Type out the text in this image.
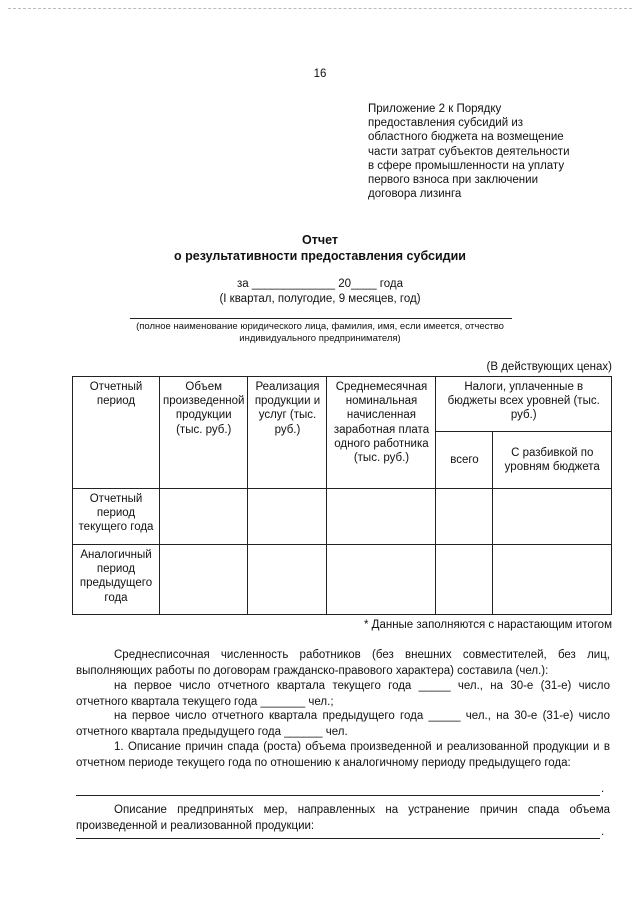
16
Приложение 2 к Порядку
предоставления субсидий из
областного бюджета на возмещение
части затрат субъектов деятельности
в сфере промышленности на уплату
первого взноса при заключении
договора лизинга
Отчет
о результативности предоставления субсидии
за _____________ 20____ года
(I квартал, полугодие, 9 месяцев, год)
(полное наименование юридического лица, фамилия, имя, если имеется, отчество
индивидуального предпринимателя)
(В действующих ценах)
Отчетный период	Объем произведенной продукции (тыс. руб.)	Реализация продукции и услуг (тыс. руб.)	Среднемесячная номинальная начисленная заработная плата одного работника (тыс. руб.)	Налоги, уплаченные в бюджеты всех уровней (тыс. руб.)	
				всего	С разбивкой по уровням бюджета
Отчетный период текущего года					
Аналогичный период предыдущего года					
* Данные заполняются с нарастающим итогом
Среднесписочная численность работников (без внешних совместителей, без лиц, выполняющих работы по договорам гражданско-правового характера) составила (чел.):
на первое число отчетного квартала текущего года _____ чел., на 30-е (31-е) число отчетного квартала текущего года _______ чел.;
на первое число отчетного квартала предыдущего года _____ чел., на 30-е (31-е) число отчетного квартала предыдущего года ______ чел.
1. Описание причин спада (роста) объема произведенной и реализованной продукции и в отчетном периоде текущего года по отношению к аналогичному периоду предыдущего года:
.
Описание предпринятых мер, направленных на устранение причин спада объема произведенной и реализованной продукции:
.
